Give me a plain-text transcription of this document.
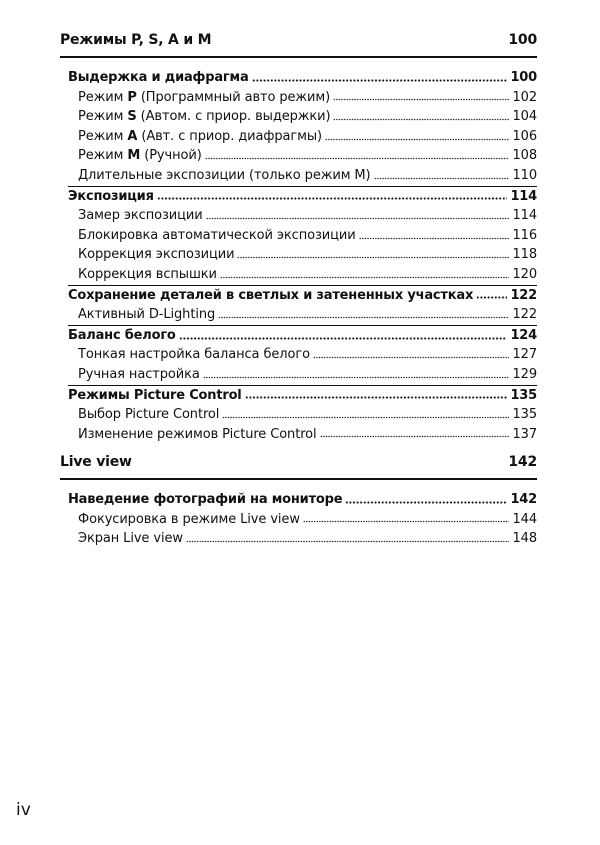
Режимы P, S, A и M	100
Выдержка и диафрагма	100
Режим P (Программный авто режим)	102
Режим S (Автом. с приор. выдержки)	104
Режим A (Авт. с приор. диафрагмы)	106
Режим M (Ручной)	108
Длительные экспозиции (только режим M)	110
Экспозиция	114
Замер экспозиции	114
Блокировка автоматической экспозиции	116
Коррекция экспозиции	118
Коррекция вспышки	120
Сохранение деталей в светлых и затененных участках	122
Активный D-Lighting	122
Баланс белого	124
Тонкая настройка баланса белого	127
Ручная настройка	129
Режимы Picture Control	135
Выбор Picture Control	135
Изменение режимов Picture Control	137
Live view	142
Наведение фотографий на мониторе	142
Фокусировка в режиме Live view	144
Экран Live view	148
iv
